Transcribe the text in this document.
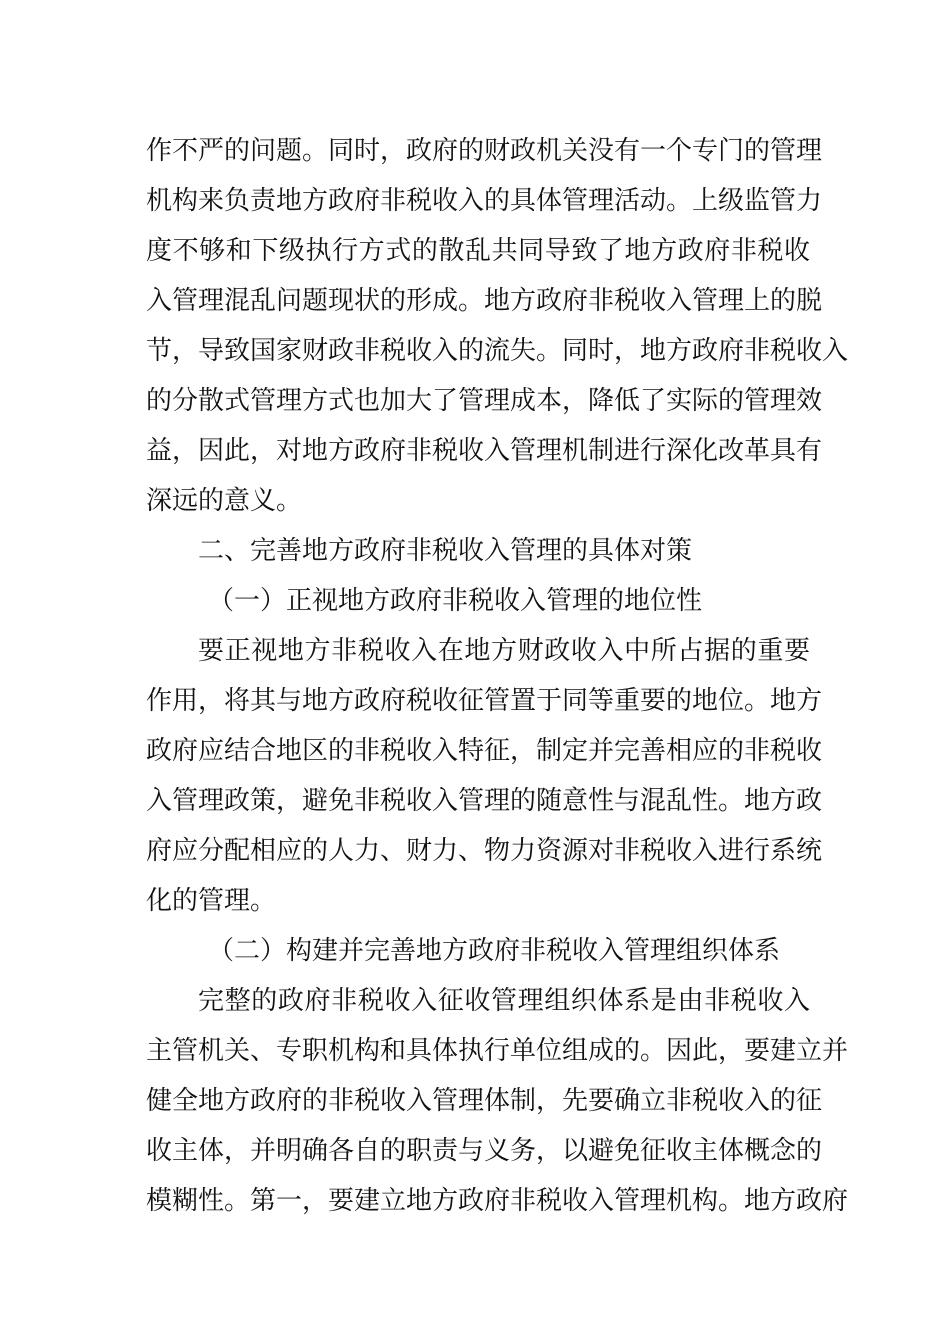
作不严的问题。同时，政府的财政机关没有一个专门的管理
机构来负责地方政府非税收入的具体管理活动。上级监管力
度不够和下级执行方式的散乱共同导致了地方政府非税收
入管理混乱问题现状的形成。地方政府非税收入管理上的脱
节，导致国家财政非税收入的流失。同时，地方政府非税收入
的分散式管理方式也加大了管理成本，降低了实际的管理效
益，因此，对地方政府非税收入管理机制进行深化改革具有
深远的意义。
二、完善地方政府非税收入管理的具体对策
（一）正视地方政府非税收入管理的地位性
要正视地方非税收入在地方财政收入中所占据的重要
作用，将其与地方政府税收征管置于同等重要的地位。地方
政府应结合地区的非税收入特征，制定并完善相应的非税收
入管理政策，避免非税收入管理的随意性与混乱性。地方政
府应分配相应的人力、财力、物力资源对非税收入进行系统
化的管理。
（二）构建并完善地方政府非税收入管理组织体系
完整的政府非税收入征收管理组织体系是由非税收入
主管机关、专职机构和具体执行单位组成的。因此，要建立并
健全地方政府的非税收入管理体制，先要确立非税收入的征
收主体，并明确各自的职责与义务，以避免征收主体概念的
模糊性。第一，要建立地方政府非税收入管理机构。地方政府
